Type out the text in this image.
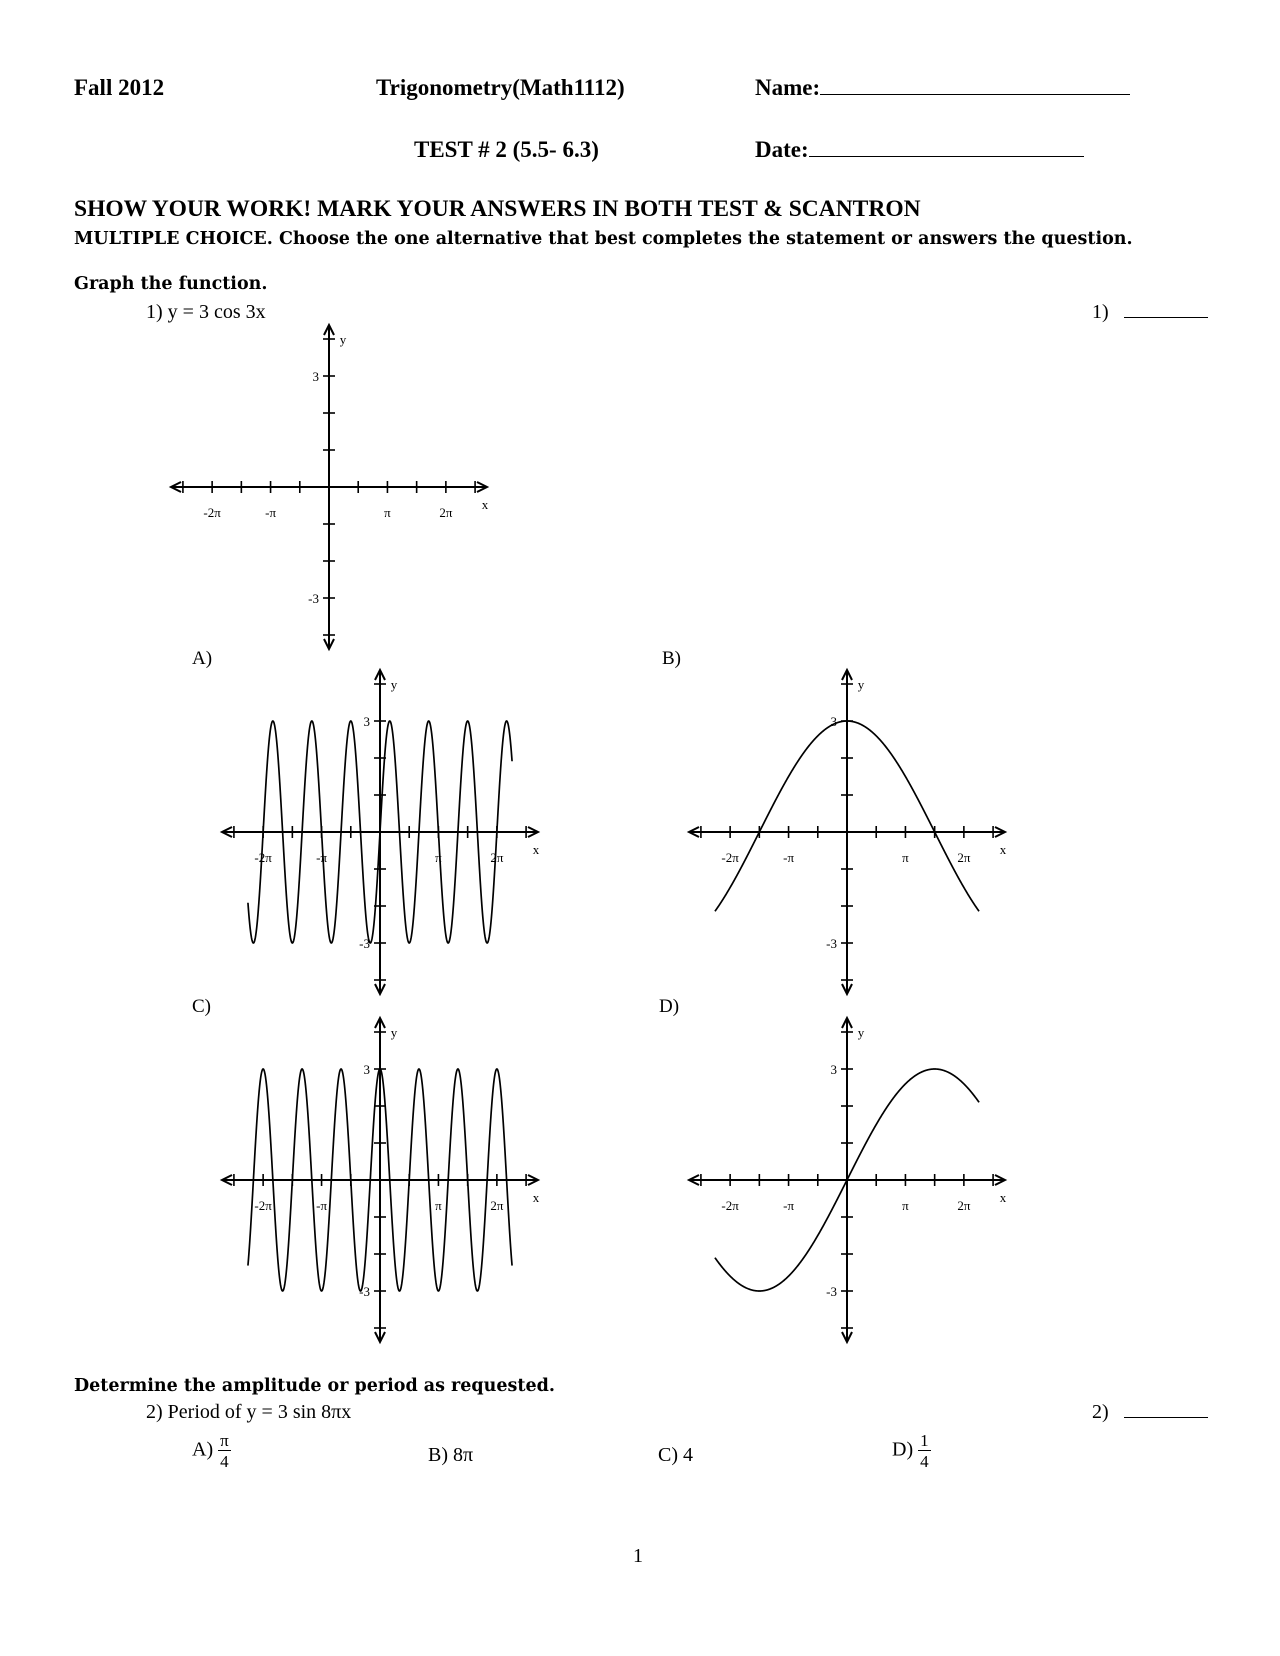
Fall 2012	Trigonometry(Math1112)	Name:
TEST # 2 (5.5- 6.3)	Date:
SHOW YOUR WORK! MARK YOUR ANSWERS IN BOTH TEST & SCANTRON
MULTIPLE CHOICE. Choose the one alternative that best completes the statement or answers the question.
Graph the function.
1) y = 3 cos 3x	1)
A)	B)
C)	D)
y
x
3
-3
-2π	-π	π	2π
y
x
3
-3
-2π	-π	π	2π
y
x
3
-3
-2π	-π	π	2π
y
x
3
-3
-2π	-π	π	2π
y
x
3
-3
-2π	-π	π	2π
Determine the amplitude or period as requested.
2) Period of y = 3 sin 8πx	2)
$A) \frac{\pi}{4}$	B) 8π	C) 4	$D) \frac{1}{4}$
1
